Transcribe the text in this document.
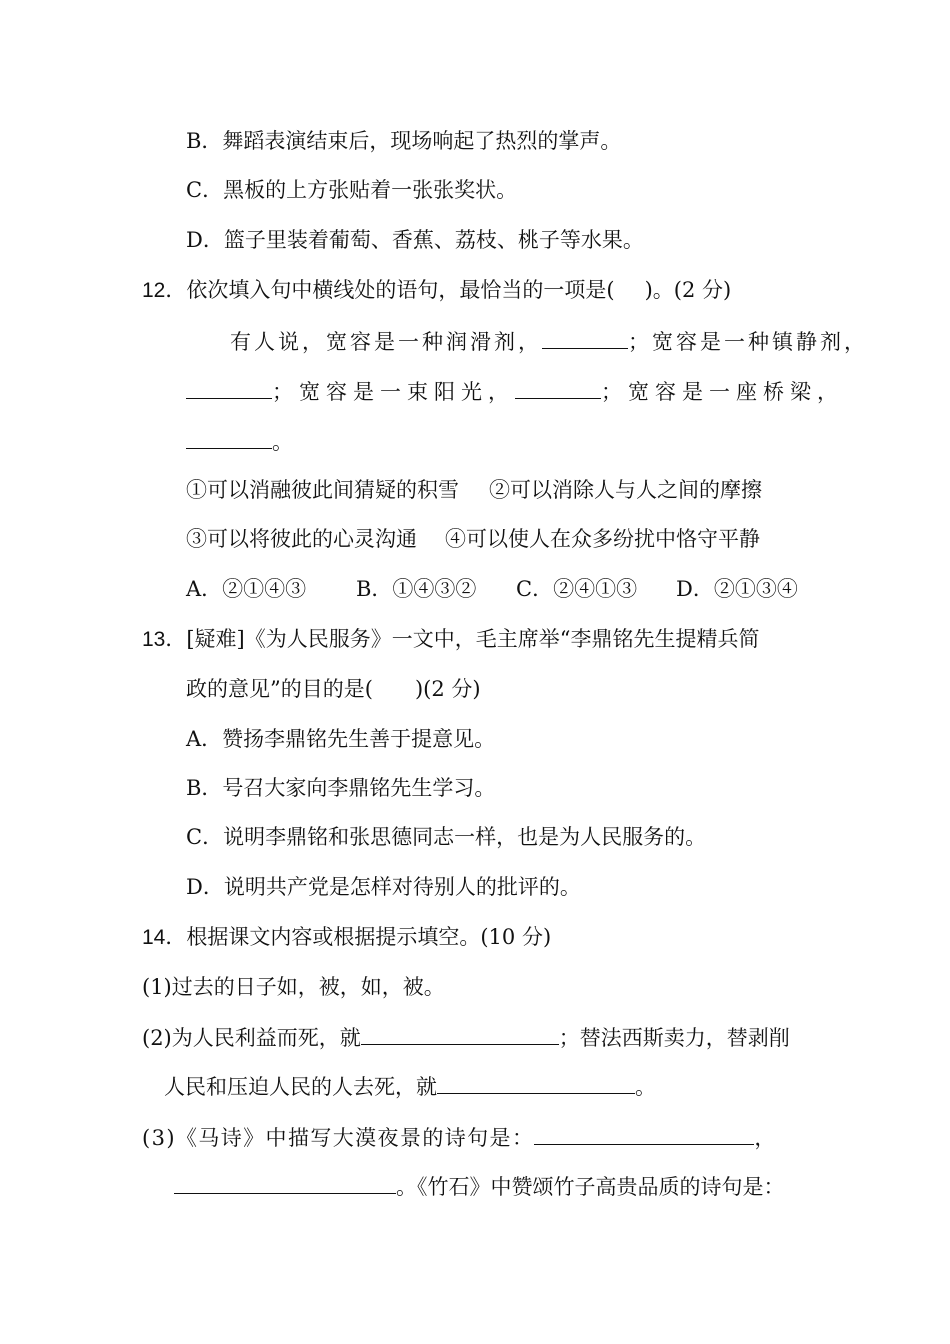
B．舞蹈表演结束后，现场响起了热烈的掌声。
C．黑板的上方张贴着一张张奖状。
D．篮子里装着葡萄、香蕉、荔枝、桃子等水果。
12．依次填入句中横线处的语句，最恰当的一项是( )。(2 分)
有人说，宽容是一种润滑剂，	；宽容是一种镇静剂，
；宽容是一束阳光，	；宽容是一座桥梁，
。
①可以消融彼此间猜疑的积雪 ②可以消除人与人之间的摩擦
③可以将彼此的心灵沟通 ④可以使人在众多纷扰中恪守平静
A．②①④③ B．①④③② C．②④①③ D．②①③④
13．[疑难]《为人民服务》一文中，毛主席举“李鼎铭先生提精兵简
政的意见”的目的是( )(2 分)
A．赞扬李鼎铭先生善于提意见。
B．号召大家向李鼎铭先生学习。
C．说明李鼎铭和张思德同志一样，也是为人民服务的。
D．说明共产党是怎样对待别人的批评的。
14．根据课文内容或根据提示填空。(10 分)
(1)过去的日子如，被，如，被。
(2)为人民利益而死，就	；替法西斯卖力，替剥削
人民和压迫人民的人去死，就	。
(3)《马诗》中描写大漠夜景的诗句是：	，
。《竹石》中赞颂竹子高贵品质的诗句是：
